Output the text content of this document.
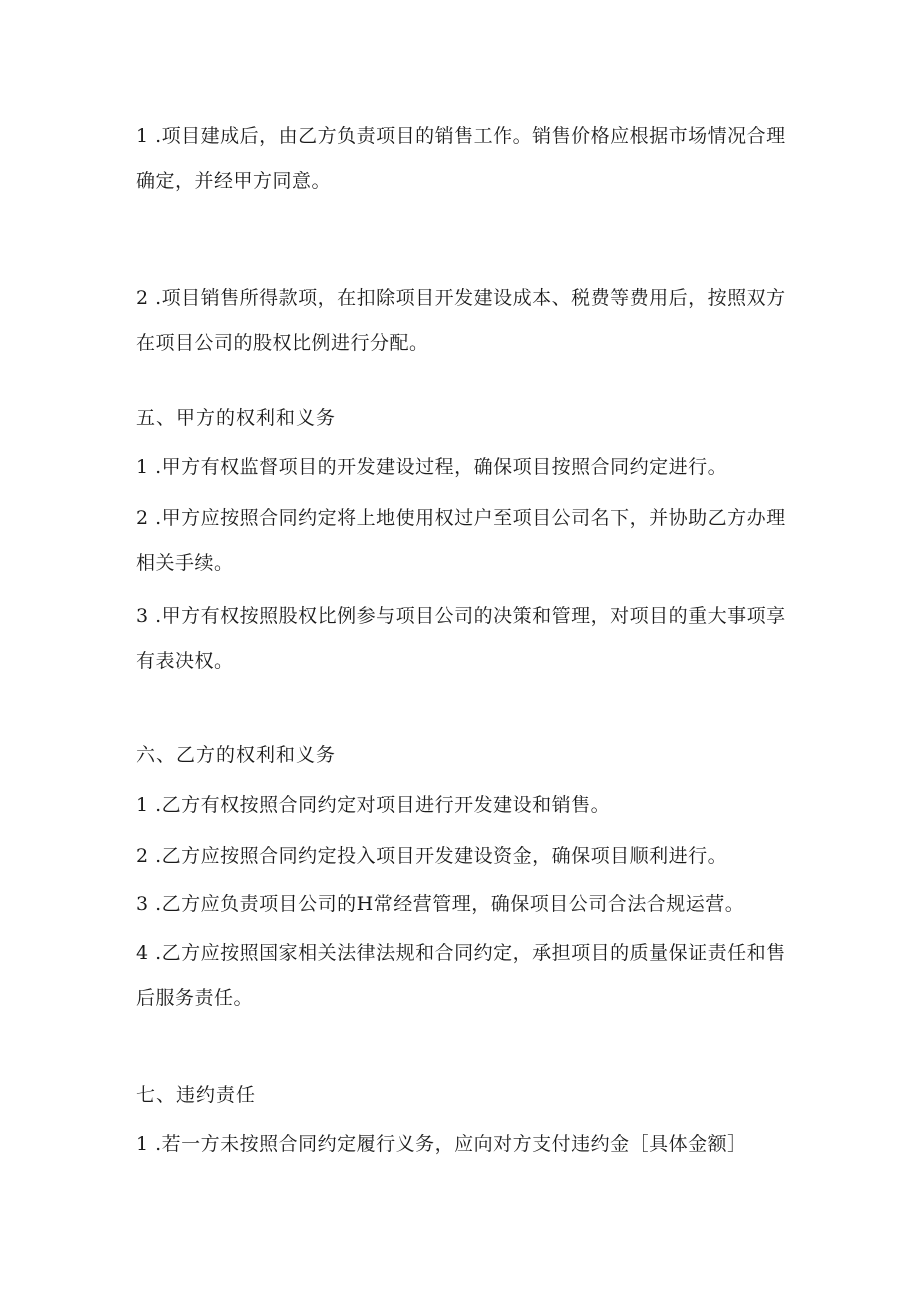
1 .项目建成后，由乙方负责项目的销售工作。销售价格应根据市场情况合理确定，并经甲方同意。

2 .项目销售所得款项，在扣除项目开发建设成本、税费等费用后，按照双方在项目公司的股权比例进行分配。

五、甲方的权利和义务

1 .甲方有权监督项目的开发建设过程，确保项目按照合同约定进行。

2 .甲方应按照合同约定将上地使用权过户至项目公司名下，并协助乙方办理相关手续。

3 .甲方有权按照股权比例参与项目公司的决策和管理，对项目的重大事项享有表决权。

六、乙方的权利和义务

1 .乙方有权按照合同约定对项目进行开发建设和销售。

2 .乙方应按照合同约定投入项目开发建设资金，确保项目顺利进行。

3 .乙方应负责项目公司的H常经营管理，确保项目公司合法合规运营。

4 .乙方应按照国家相关法律法规和合同约定，承担项目的质量保证责任和售后服务责任。

七、违约责任

1 .若一方未按照合同约定履行义务，应向对方支付违约金［具体金额］
